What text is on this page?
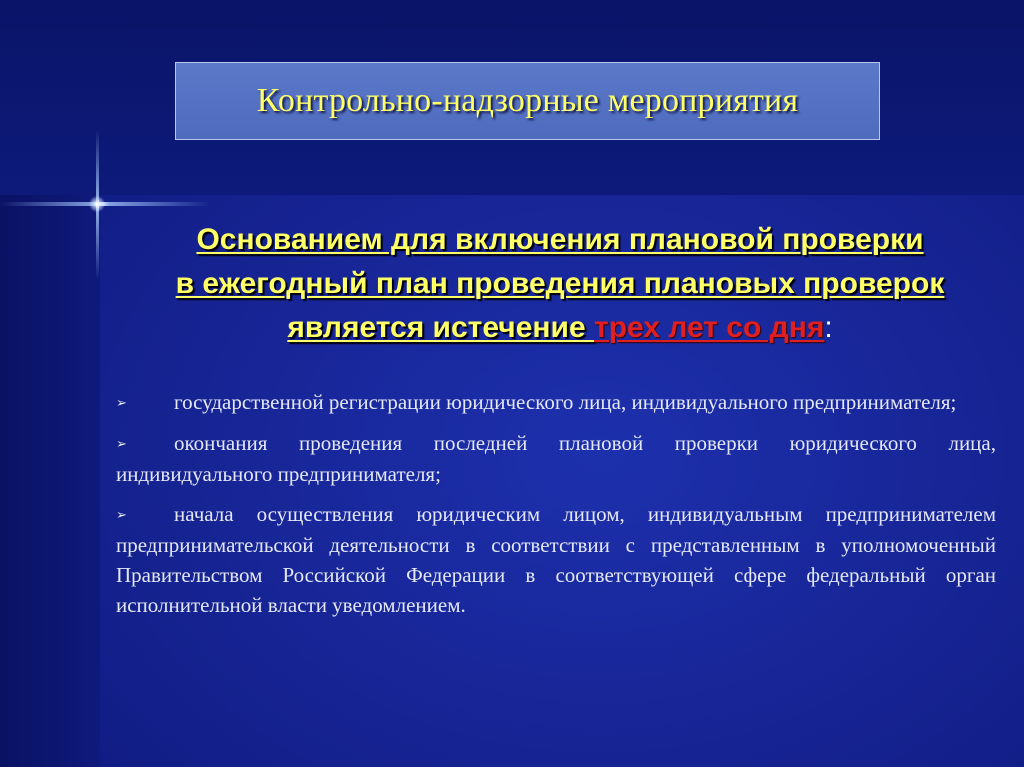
Контрольно-надзорные мероприятия
Основанием для включения плановой проверки
в ежегодный план проведения плановых проверок
является истечение трех лет со дня:
➢ государственной регистрации юридического лица, индивидуального предпринимателя;
➢ окончания проведения последней плановой проверки юридического лица, индивидуального предпринимателя;
➢ начала осуществления юридическим лицом, индивидуальным предпринимателем предпринимательской деятельности в соответствии с представленным в уполномоченный Правительством Российской Федерации в соответствующей сфере федеральный орган исполнительной власти уведомлением.
